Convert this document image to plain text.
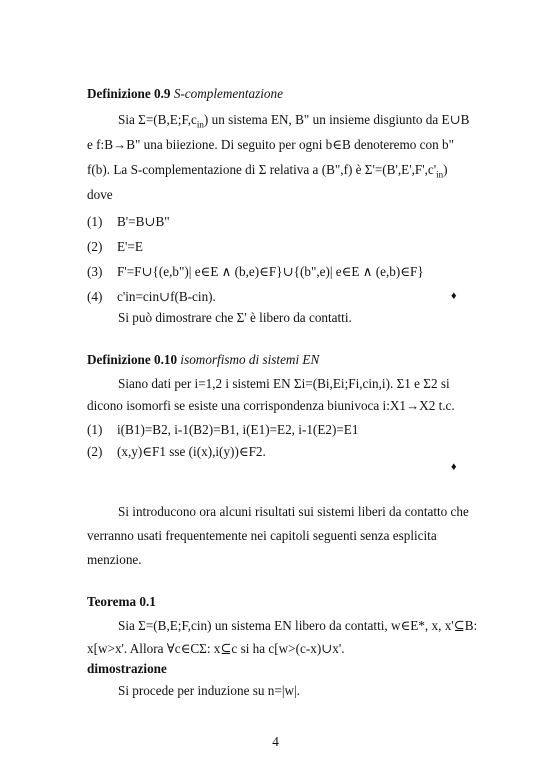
Definizione 0.9 S-complementazione
Sia $\Sigma=(B,E;F,c_{in})$ un sistema EN, B" un insieme disgiunto da E∪B
e f:B→B" una biiezione. Di seguito per ogni b∈B denoteremo con b"
f(b). La S-complementazione di Σ relativa a (B",f) è $\Sigma'=(B',E',F',c'_{in})$
dove
(1) B'=B∪B"
(2) E'=E
(3) F'=F∪{(e,b")| e∈E ∧ (b,e)∈F}∪{(b",e)| e∈E ∧ (e,b)∈F}
(4) c'in=cin∪f(B-cin).	♦
Si può dimostrare che Σ' è libero da contatti.
Definizione 0.10 isomorfismo di sistemi EN
Siano dati per i=1,2 i sistemi EN Σi=(Bi,Ei;Fi,cin,i). Σ1 e Σ2 si
dicono isomorfi se esiste una corrispondenza biunivoca i:X1→X2 t.c.
(1) i(B1)=B2, i-1(B2)=B1, i(E1)=E2, i-1(E2)=E1
(2) (x,y)∈F1 sse (i(x),i(y))∈F2.
♦
Si introducono ora alcuni risultati sui sistemi liberi da contatto che
verranno usati frequentemente nei capitoli seguenti senza esplicita
menzione.
Teorema 0.1
Sia Σ=(B,E;F,cin) un sistema EN libero da contatti, w∈E*, x, x'⊆B:
x[w>x'. Allora ∀c∈CΣ: x⊆c si ha c[w>(c-x)∪x'.
dimostrazione
Si procede per induzione su n=|w|.
4
